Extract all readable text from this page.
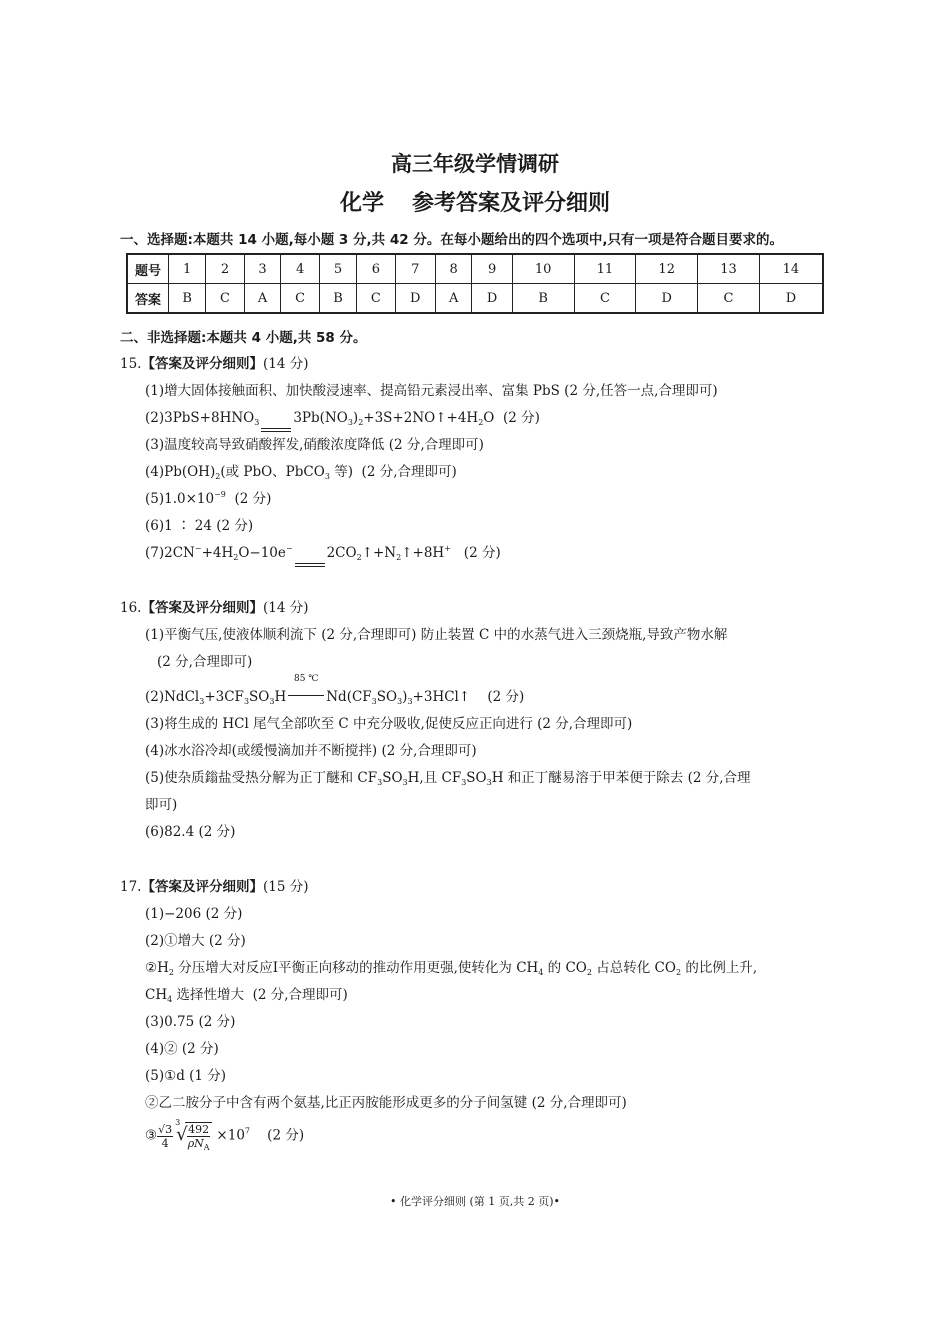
高三年级学情调研
化学 参考答案及评分细则
一、选择题:本题共 14 小题,每小题 3 分,共 42 分。在每小题给出的四个选项中,只有一项是符合题目要求的。
题号	1	2	3	4	5	6	7	8	9	10	11	12	13	14
答案	B	C	A	C	B	C	D	A	D	B	C	D	C	D
二、非选择题:本题共 4 小题,共 58 分。
15.【答案及评分细则】(14 分)
(1)增大固体接触面积、加快酸浸速率、提高铅元素浸出率、富集 PbS (2 分,任答一点,合理即可)
$(2)3PbS+8HNO_3$	$3Pb(NO_3)_2+3S+2NO↑+4H_2O$  (2 分)
(3)温度较高导致硝酸挥发,硝酸浓度降低 (2 分,合理即可)
$(4)Pb(OH)_2$(或 PbO、PbCO$_3$ 等)  (2 分,合理即可)
$(5)1.0\times 10^{-9}$ (2 分)
(6)1 ∶ 24 (2 分)
$(7)2CN^-+4H_2O-10e^-$	$2CO_2↑+N_2↑+8H^+$ (2 分)
16.【答案及评分细则】(14 分)
(1)平衡气压,使液体顺利流下 (2 分,合理即可) 防止装置 C 中的水蒸气进入三颈烧瓶,导致产物水解
(2 分,合理即可)
$(2)NdCl_3+3CF_3SO_3H$
85 ℃
$Nd(CF_3SO_3)_3+3HCl↑$    (2 分)
(3)将生成的 HCl 尾气全部吹至 C 中充分吸收,促使反应正向进行 (2 分,合理即可)
(4)冰水浴冷却(或缓慢滴加并不断搅拌) (2 分,合理即可)
(5)使杂质鎓盐受热分解为正丁醚和 $CF_3SO_3H$,且 $CF_3SO_3H$ 和正丁醚易溶于甲苯便于除去 (2 分,合理
即可)
(6)82.4 (2 分)
17.【答案及评分细则】(15 分)
(1)−206 (2 分)
(2)①增大 (2 分)
$②H_2$ 分压增大对反应Ⅰ平衡正向移动的推动作用更强,使转化为 $CH_4$ 的 $CO_2$ 占总转化 $CO_2$ 的比例上升,
$CH_4$ 选择性增大  (2 分,合理即可)
(3)0.75 (2 分)
(4)② (2 分)
(5)①d (1 分)
②乙二胺分子中含有两个氨基,比正丙胺能形成更多的分子间氢键 (2 分,合理即可)
③ $\frac{√3}{4} 3$
√
$\frac{492}{\rho N_A} \times 10^7$ (2 分)
• 化学评分细则 (第 1 页,共 2 页)•
